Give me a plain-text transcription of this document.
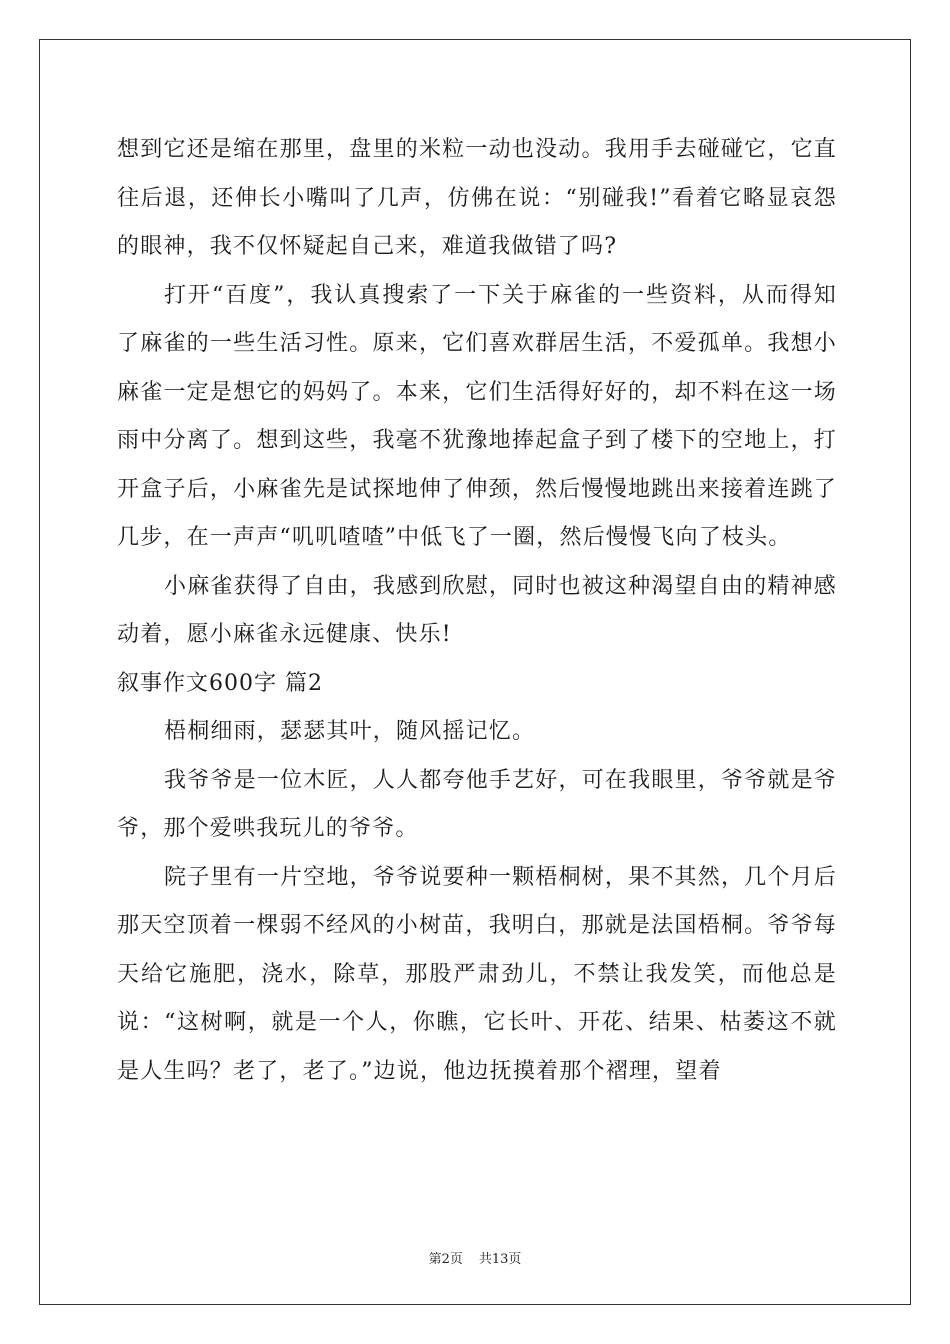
想到它还是缩在那里，盘里的米粒一动也没动。我用手去碰碰它，它直往后退，还伸长小嘴叫了几声，仿佛在说：“别碰我!”看着它略显哀怨的眼神，我不仅怀疑起自己来，难道我做错了吗?

打开“百度”，我认真搜索了一下关于麻雀的一些资料，从而得知了麻雀的一些生活习性。原来，它们喜欢群居生活，不爱孤单。我想小麻雀一定是想它的妈妈了。本来，它们生活得好好的，却不料在这一场雨中分离了。想到这些，我毫不犹豫地捧起盒子到了楼下的空地上，打开盒子后，小麻雀先是试探地伸了伸颈，然后慢慢地跳出来接着连跳了几步，在一声声“叽叽喳喳”中低飞了一圈，然后慢慢飞向了枝头。

小麻雀获得了自由，我感到欣慰，同时也被这种渴望自由的精神感动着，愿小麻雀永远健康、快乐!

叙事作文600字 篇2

梧桐细雨，瑟瑟其叶，随风摇记忆。

我爷爷是一位木匠，人人都夸他手艺好，可在我眼里，爷爷就是爷爷，那个爱哄我玩儿的爷爷。

院子里有一片空地，爷爷说要种一颗梧桐树，果不其然，几个月后那天空顶着一棵弱不经风的小树苗，我明白，那就是法国梧桐。爷爷每天给它施肥，浇水，除草，那股严肃劲儿，不禁让我发笑，而他总是说：“这树啊，就是一个人，你瞧，它长叶、开花、结果、枯萎这不就是人生吗？老了，老了。”边说，他边抚摸着那个褶理，望着

第2页 共13页
